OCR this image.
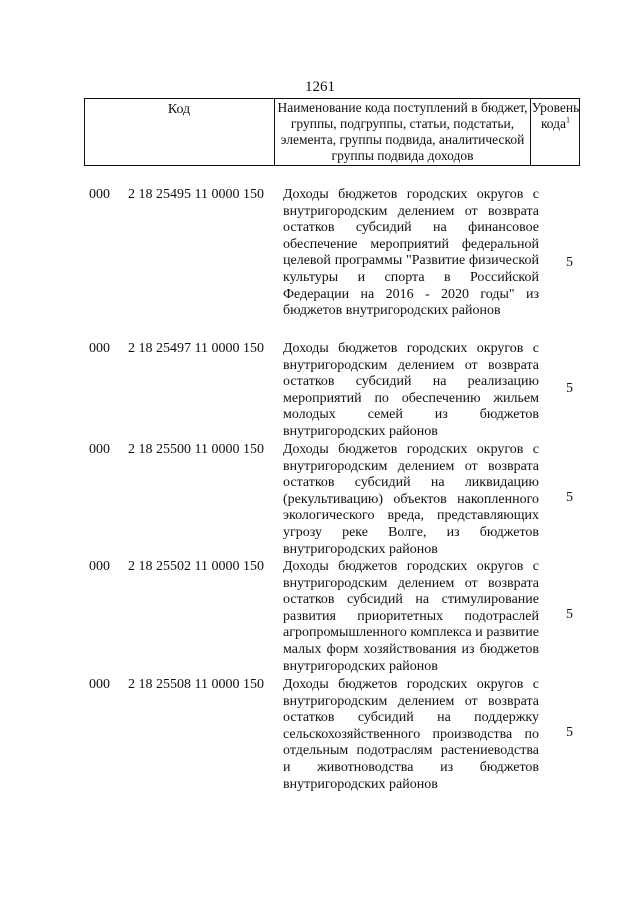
1261
Код	Наименование кода поступлений в бюджет, группы, подгруппы, статьи, подстатьи, элемента, группы подвида, аналитической группы подвида доходов
Уровень кода$^1$
000 2 18 25495 11 0000 150 Доходы бюджетов городских округов с внутригородским делением от возврата остатков субсидий на финансовое обеспечение мероприятий федеральной целевой программы "Развитие физической культуры и спорта в Российской Федерации на 2016 - 2020 годы" из бюджетов внутригородских районов
5
000 2 18 25497 11 0000 150 Доходы бюджетов городских округов с внутригородским делением от возврата остатков субсидий на реализацию мероприятий по обеспечению жильем молодых семей из бюджетов внутригородских районов
5
000 2 18 25500 11 0000 150 Доходы бюджетов городских округов с внутригородским делением от возврата остатков субсидий на ликвидацию (рекультивацию) объектов накопленного экологического вреда, представляющих угрозу реке Волге, из бюджетов внутригородских районов
5
000 2 18 25502 11 0000 150 Доходы бюджетов городских округов с внутригородским делением от возврата остатков субсидий на стимулирование развития приоритетных подотраслей агропромышленного комплекса и развитие малых форм хозяйствования из бюджетов внутригородских районов
5
000 2 18 25508 11 0000 150 Доходы бюджетов городских округов с внутригородским делением от возврата остатков субсидий на поддержку сельскохозяйственного производства по отдельным подотраслям растениеводства и животноводства из бюджетов внутригородских районов
5
